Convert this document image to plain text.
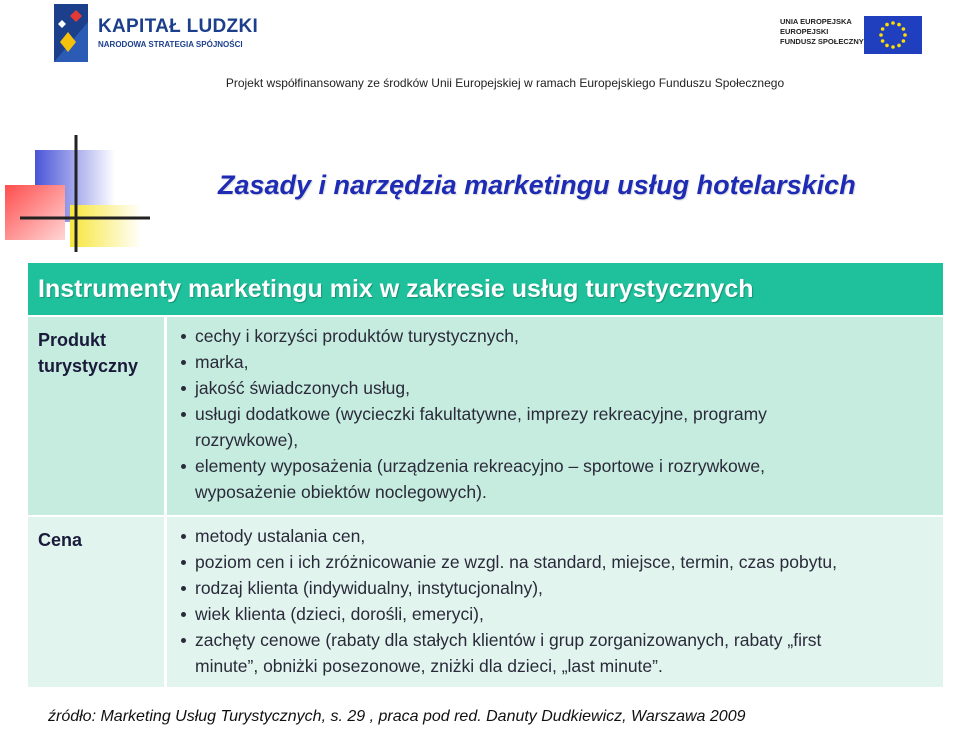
KAPITAŁ LUDZKI
NARODOWA STRATEGIA SPÓJNOŚCI
UNIA EUROPEJSKA
EUROPEJSKI
FUNDUSZ SPOŁECZNY
Projekt współfinansowany ze środków Unii Europejskiej w ramach Europejskiego Funduszu Społecznego
Zasady i narzędzia marketingu usług hotelarskich
Instrumenty marketingu mix w zakresie usług turystycznych
Produkt
turystyczny
cechy i korzyści produktów turystycznych,
marka,
jakość świadczonych usług,
usługi dodatkowe (wycieczki fakultatywne, imprezy rekreacyjne, programy
rozrywkowe),
elementy wyposażenia (urządzenia rekreacyjno – sportowe i rozrywkowe,
wyposażenie obiektów noclegowych).
Cena	metody ustalania cen,
poziom cen i ich zróżnicowanie ze wzgl. na standard, miejsce, termin, czas pobytu,
rodzaj klienta (indywidualny, instytucjonalny),
wiek klienta (dzieci, dorośli, emeryci),
zachęty cenowe (rabaty dla stałych klientów i grup zorganizowanych, rabaty „first
minute”, obniżki posezonowe, zniżki dla dzieci, „last minute”.
źródło: Marketing Usług Turystycznych, s. 29 , praca pod red. Danuty Dudkiewicz, Warszawa 2009
